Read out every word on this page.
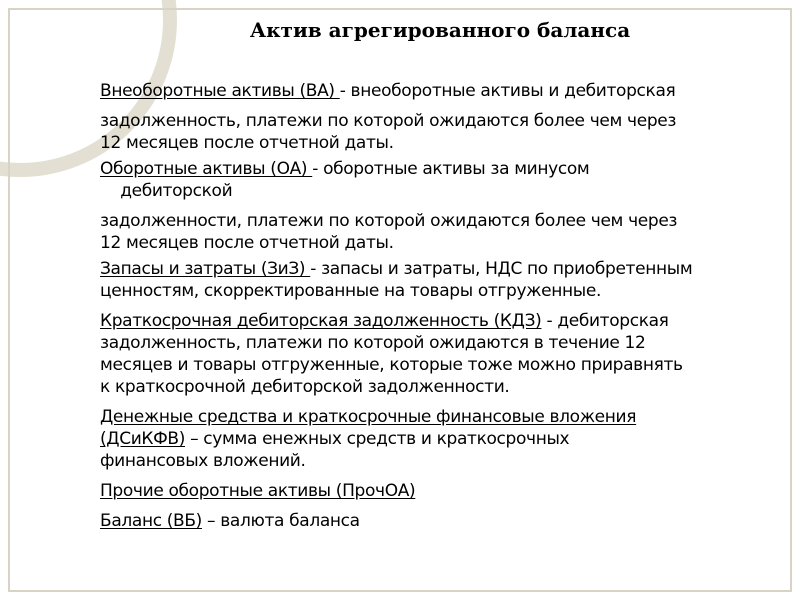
Актив агрегированного баланса

Внеоборотные активы (ВА) - внеоборотные активы и дебиторская

задолженность, платежи по которой ожидаются более чем через
12 месяцев после отчетной даты.

Оборотные активы (ОА) - оборотные активы за минусом
дебиторской

задолженности, платежи по которой ожидаются более чем через
12 месяцев после отчетной даты.

Запасы и затраты (ЗиЗ) - запасы и затраты, НДС по приобретенным
ценностям, скорректированные на товары отгруженные.

Краткосрочная дебиторская задолженность (КДЗ) - дебиторская
задолженность, платежи по которой ожидаются в течение 12
месяцев и товары отгруженные, которые тоже можно приравнять
к краткосрочной дебиторской задолженности.

Денежные средства и краткосрочные финансовые вложения
(ДСиКФВ) – сумма енежных средств и краткосрочных
финансовых вложений.

Прочие оборотные активы (ПрочОА)

Баланс (ВБ) – валюта баланса
